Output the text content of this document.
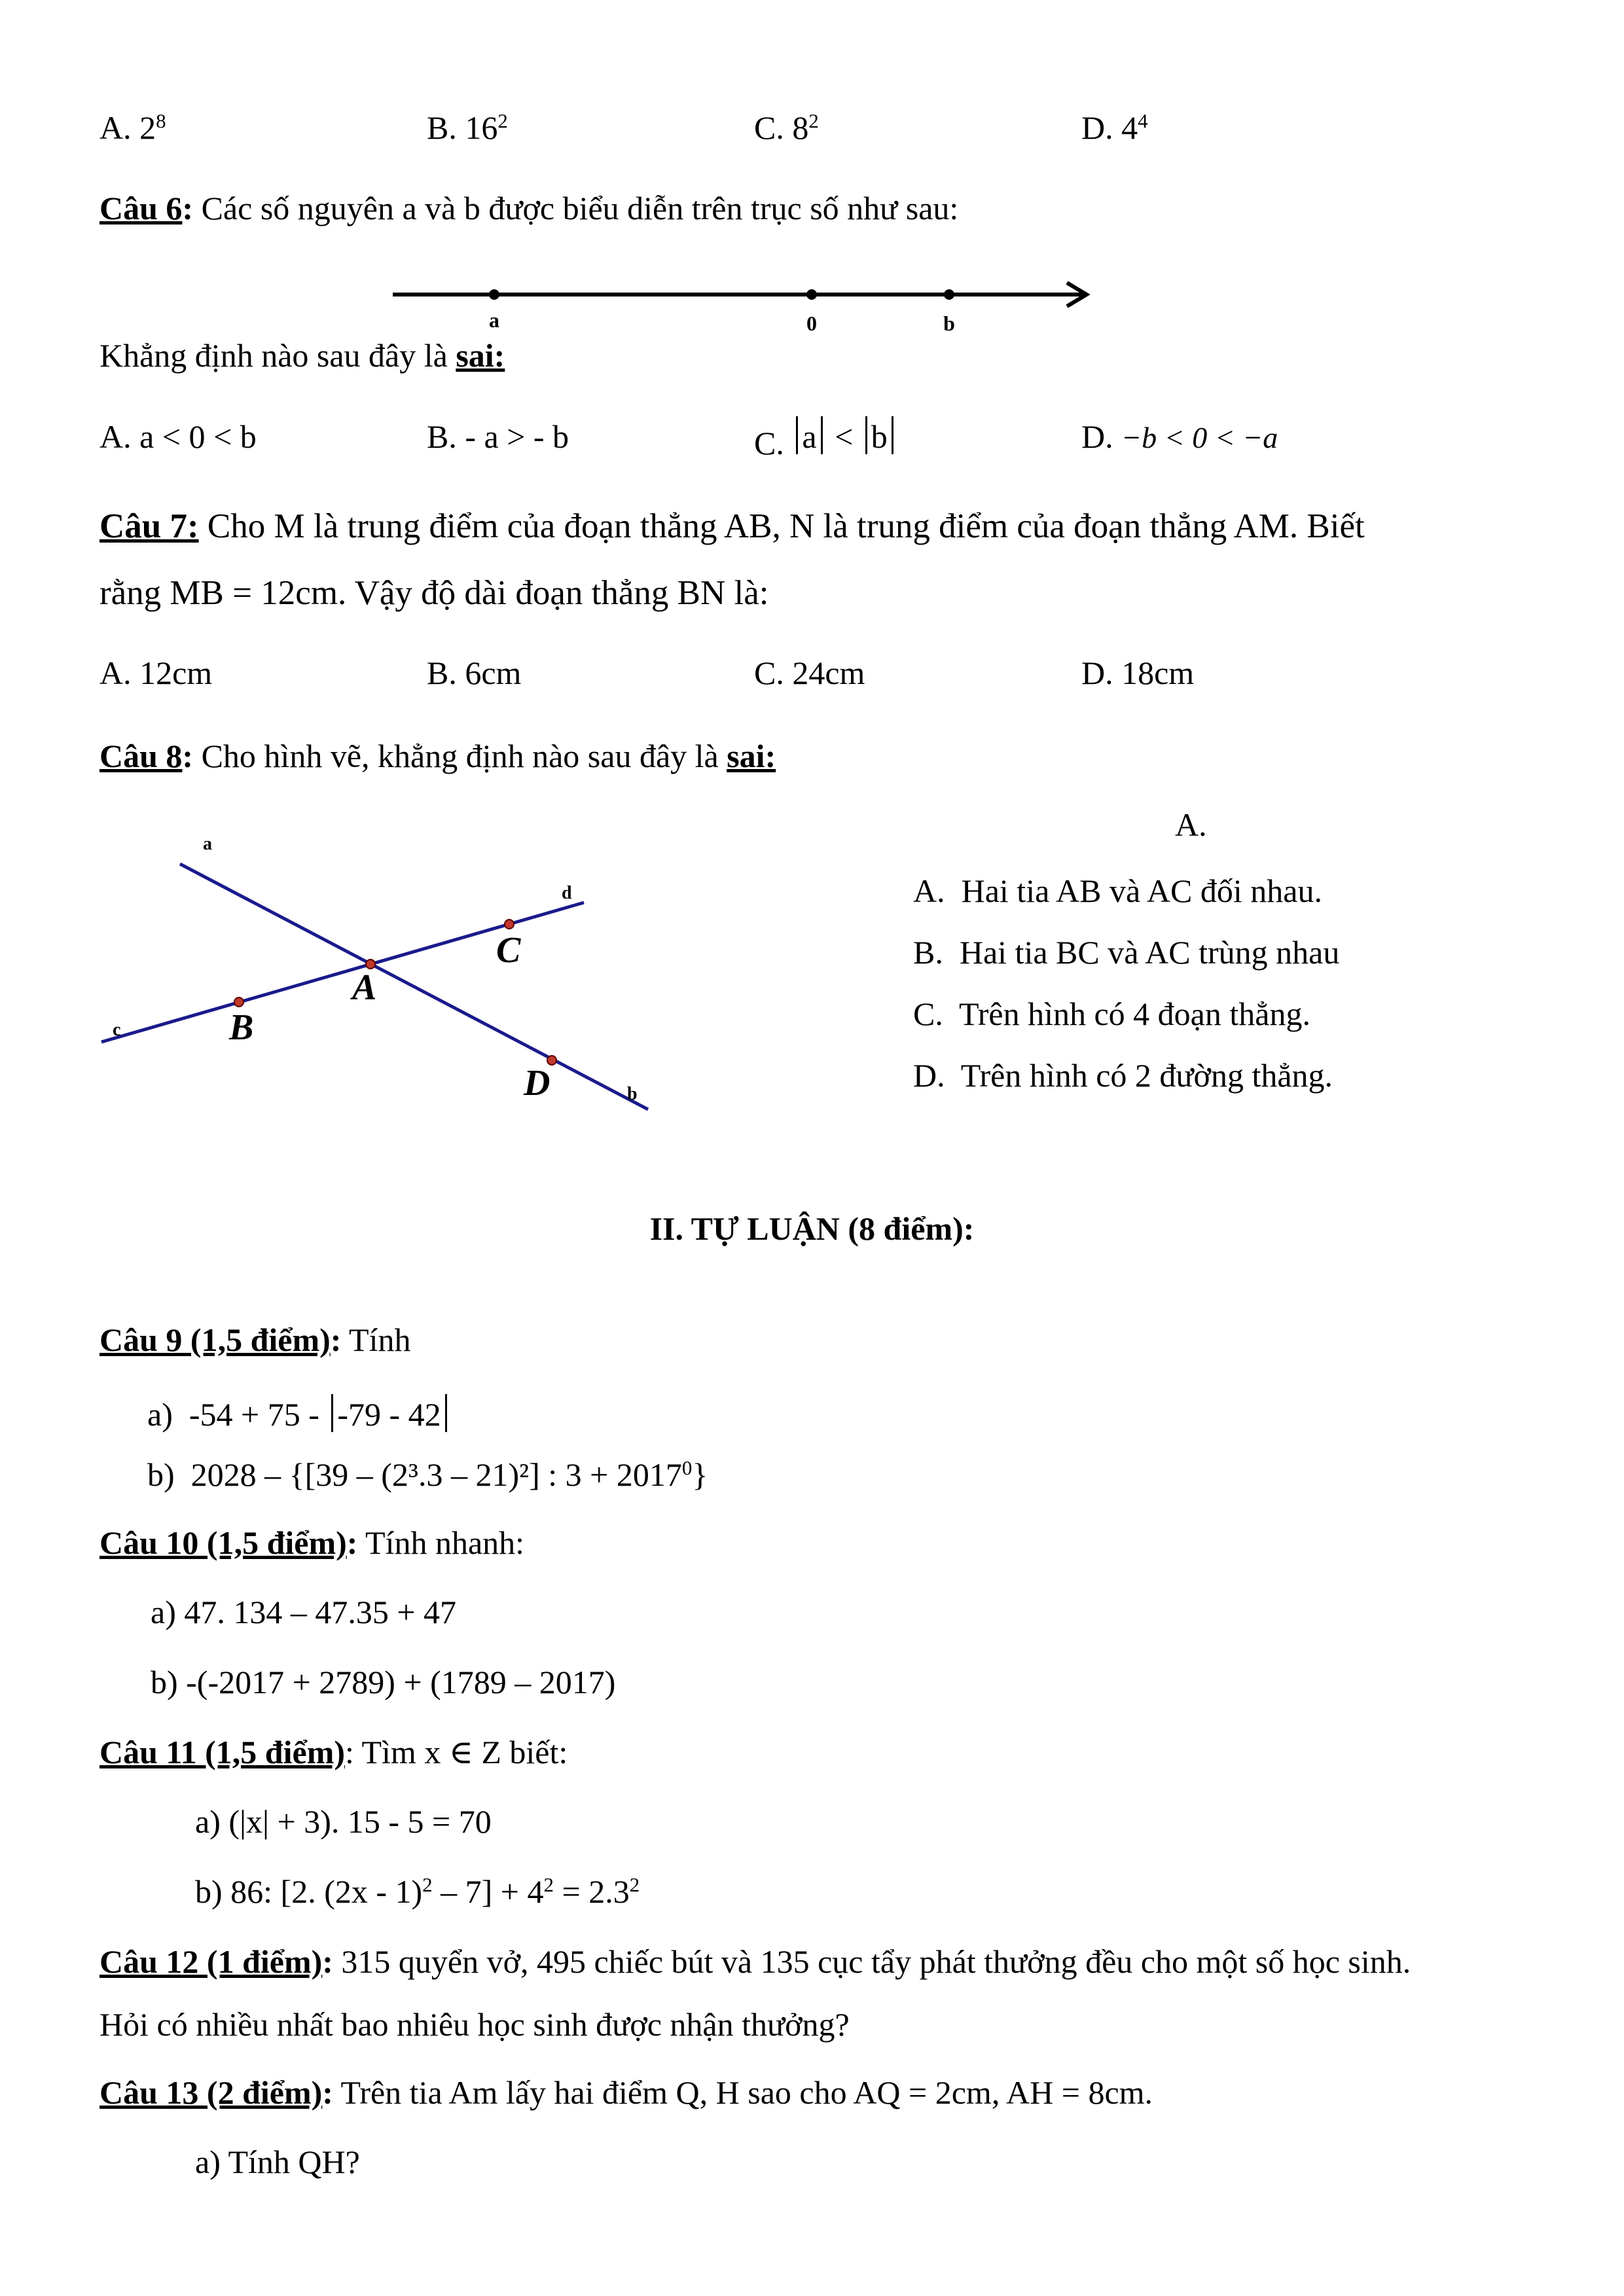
A. $2^8$	B. $16^2$	C. $8^2$	D. $4^4$
Câu 6: Các số nguyên a và b được biểu diễn trên trục số như sau:
a	0	b
Khẳng định nào sau đây là sai:
A. a < 0 < b	B. - a > - b	C. a < b	D. −b < 0 < −a
Câu 7: Cho M là trung điểm của đoạn thẳng AB, N là trung điểm của đoạn thẳng AM. Biết
rằng MB = 12cm. Vậy độ dài đoạn thẳng BN là:
A. 12cm	B. 6cm	C. 24cm	D. 18cm
Câu 8: Cho hình vẽ, khẳng định nào sau đây là sai:
a
b
c
d
A
B
C
D
A.
A. Hai tia AB và AC đối nhau.
B. Hai tia BC và AC trùng nhau
C. Trên hình có 4 đoạn thẳng.
D. Trên hình có 2 đường thẳng.
II. TỰ LUẬN (8 điểm):
Câu 9 (1,5 điểm): Tính
a) -54 + 75 - -79 - 42
b) 2028 – {[39 – (2³.3 – 21)²] : $3 + 2017^0$}
Câu 10 (1,5 điểm): Tính nhanh:
a) 47. 134 – 47.35 + 47
b) -(-2017 + 2789) + (1789 – 2017)
Câu 11 (1,5 điểm): Tìm x ∈ Z biết:
a) (|x| + 3). 15 - 5 = 70
b) 86: [2. $(2x - 1)^2 - 7] + 4^2 = 2.3^2$
Câu 12 (1 điểm): 315 quyển vở, 495 chiếc bút và 135 cục tẩy phát thưởng đều cho một số học sinh.
Hỏi có nhiều nhất bao nhiêu học sinh được nhận thưởng?
Câu 13 (2 điểm): Trên tia Am lấy hai điểm Q, H sao cho AQ = 2cm, AH = 8cm.
a) Tính QH?
